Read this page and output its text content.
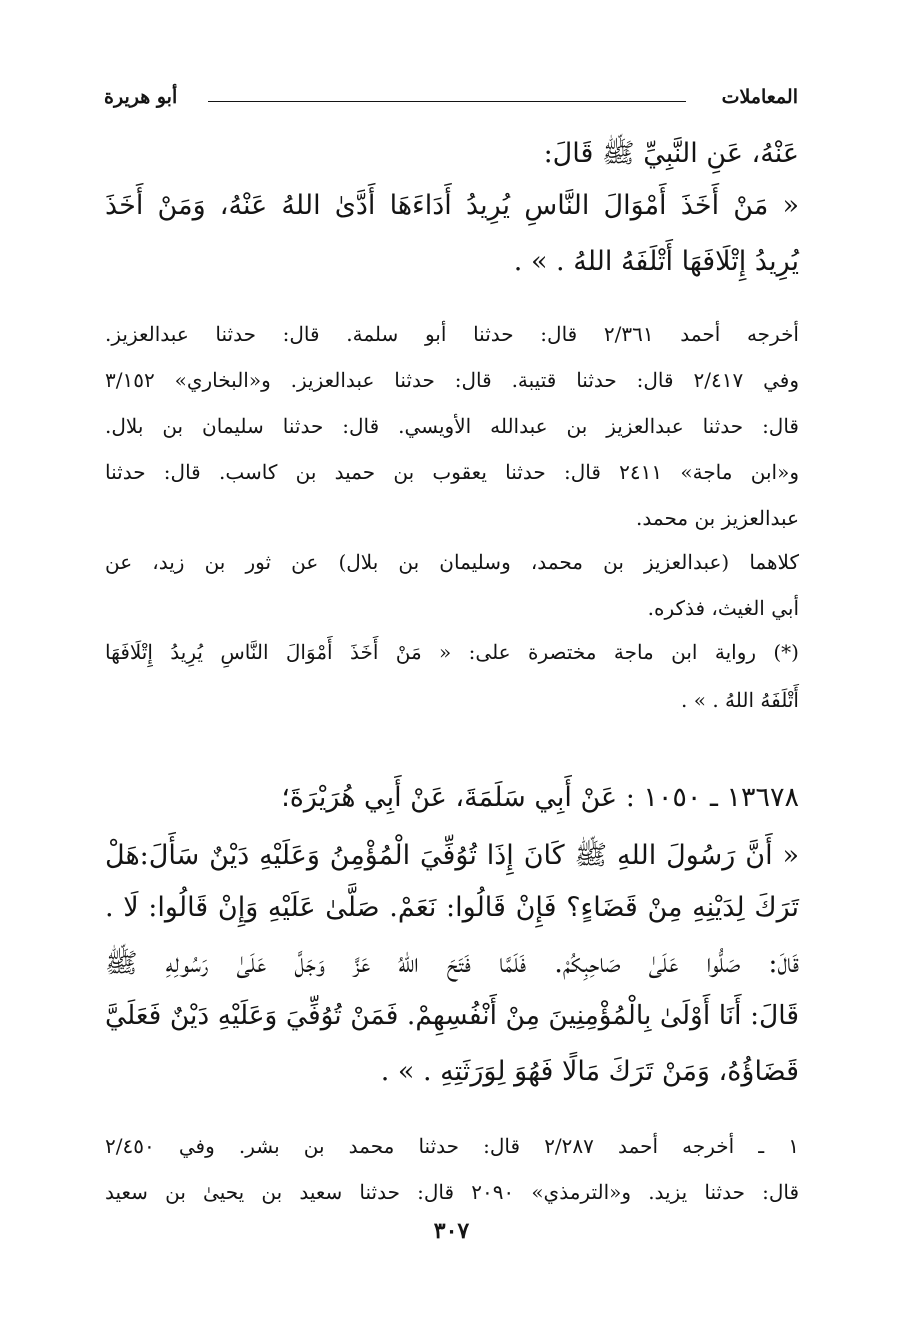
المعاملات
أبو هريرة
عَنْهُ، عَنِ النَّبِيِّ ﷺ قَالَ:
« مَنْ أَخَذَ أَمْوَالَ النَّاسِ يُرِيدُ أَدَاءَهَا أَدَّىٰ اللهُ عَنْهُ، وَمَنْ أَخَذَ
يُرِيدُ إِتْلَافَهَا أَتْلَفَهُ اللهُ . » .
أخرجه أحمد ٢/٣٦١ قال: حدثنا أبو سلمة. قال: حدثنا عبدالعزيز.
وفي ٢/٤١٧ قال: حدثنا قتيبة. قال: حدثنا عبدالعزيز. و«البخاري» ٣/١٥٢
قال: حدثنا عبدالعزيز بن عبدالله الأويسي. قال: حدثنا سليمان بن بلال.
و«ابن ماجة» ٢٤١١ قال: حدثنا يعقوب بن حميد بن كاسب. قال: حدثنا
عبدالعزيز بن محمد.
كلاهما (عبدالعزيز بن محمد، وسليمان بن بلال) عن ثور بن زيد، عن
أبي الغيث، فذكره.
(*) رواية ابن ماجة مختصرة على: « مَنْ أَخَذَ أَمْوَالَ النَّاسِ يُرِيدُ إِتْلَافَهَا
أَتْلَفَهُ اللهُ . » .
١٣٦٧٨ ـ ١٠٥٠ : عَنْ أَبِي سَلَمَةَ، عَنْ أَبِي هُرَيْرَةَ؛
« أَنَّ رَسُولَ اللهِ ﷺ كَانَ إِذَا تُوُفِّيَ الْمُؤْمِنُ وَعَلَيْهِ دَيْنٌ سَأَلَ:هَلْ
تَرَكَ لِدَيْنِهِ مِنْ قَضَاءٍ؟ فَإِنْ قَالُوا: نَعَمْ. صَلَّىٰ عَلَيْهِ وَإِنْ قَالُوا: لَا .
قَالَ: صَلُّوا عَلَىٰ صَاحِبِكُمْ. فَلَمَّا فَتَحَ اللهُ عَزَّ وَجَلَّ عَلَىٰ رَسُولِهِ ﷺ
قَالَ: أَنَا أَوْلَىٰ بِالْمُؤْمِنِينَ مِنْ أَنْفُسِهِمْ. فَمَنْ تُوُفِّيَ وَعَلَيْهِ دَيْنٌ فَعَلَيَّ
قَضَاؤُهُ، وَمَنْ تَرَكَ مَالًا فَهُوَ لِوَرَثَتِهِ . » .
١ ـ أخرجه أحمد ٢/٢٨٧ قال: حدثنا محمد بن بشر. وفي ٢/٤٥٠
قال: حدثنا يزيد. و«الترمذي» ٢٠٩٠ قال: حدثنا سعيد بن يحيىٰ بن سعيد
٣٠٧
